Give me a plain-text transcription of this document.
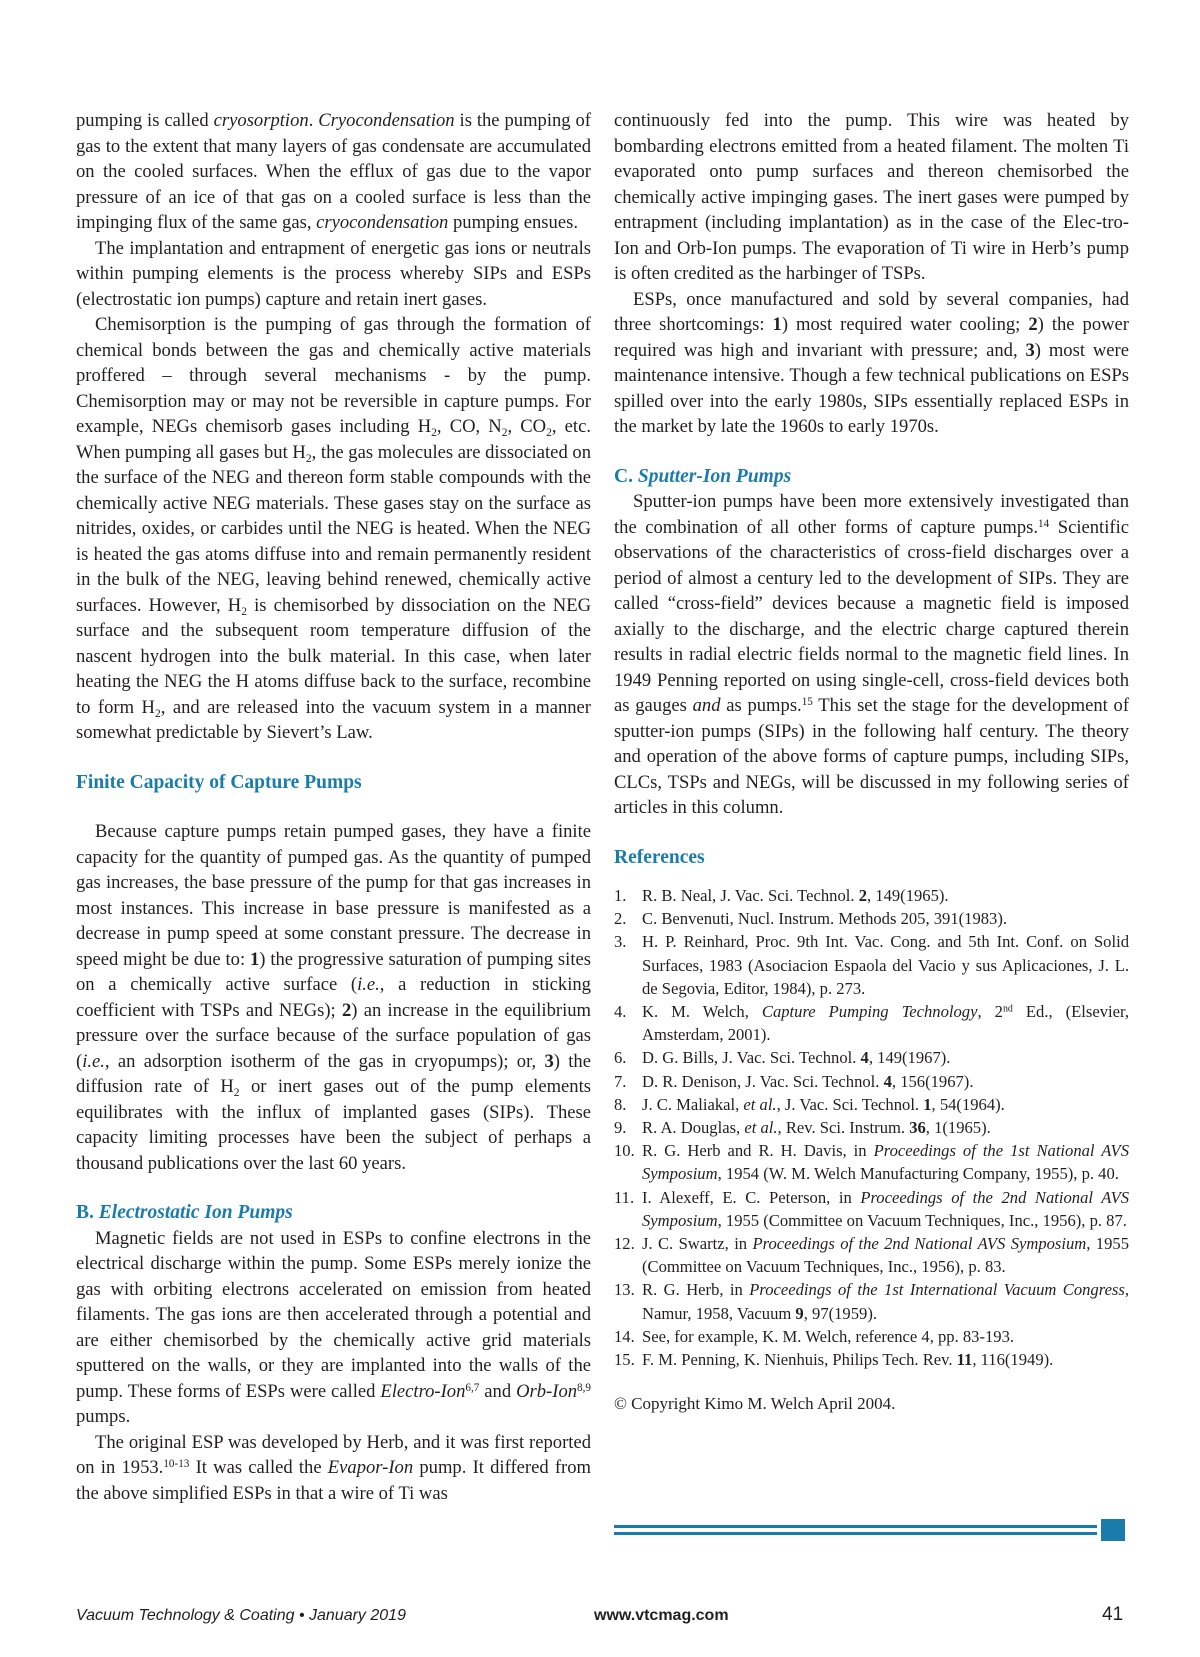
pumping is called cryosorption. Cryocondensation is the pumping of gas to the extent that many layers of gas condensate are accumulated on the cooled surfaces. When the efflux of gas due to the vapor pressure of an ice of that gas on a cooled surface is less than the impinging flux of the same gas, cryocondensation pumping ensues.

The implantation and entrapment of energetic gas ions or neutrals within pumping elements is the process whereby SIPs and ESPs (electrostatic ion pumps) capture and retain inert gases.

Chemisorption is the pumping of gas through the formation of chemical bonds between the gas and chemically active materials proffered – through several mechanisms - by the pump. Chemisorption may or may not be reversible in capture pumps. For example, NEGs chemisorb gases including $H_2$, CO, $N_2$, $CO_2$, etc. When pumping all gases but $H_2$, the gas molecules are dissociated on the surface of the NEG and thereon form stable compounds with the chemically active NEG materials. These gases stay on the surface as nitrides, oxides, or carbides until the NEG is heated. When the NEG is heated the gas atoms diffuse into and remain permanently resident in the bulk of the NEG, leaving behind renewed, chemically active surfaces. However, $H_2$ is chemisorbed by dissociation on the NEG surface and the subsequent room temperature diffusion of the nascent hydrogen into the bulk material. In this case, when later heating the NEG the H atoms diffuse back to the surface, recombine to form $H_2$, and are released into the vacuum system in a manner somewhat predictable by Sievert’s Law.

Finite Capacity of Capture Pumps

Because capture pumps retain pumped gases, they have a finite capacity for the quantity of pumped gas. As the quantity of pumped gas increases, the base pressure of the pump for that gas increases in most instances. This increase in base pressure is manifested as a decrease in pump speed at some constant pressure. The decrease in speed might be due to: 1) the progressive saturation of pumping sites on a chemically active surface (i.e., a reduction in sticking coefficient with TSPs and NEGs); 2) an increase in the equilibrium pressure over the surface because of the surface population of gas (i.e., an adsorption isotherm of the gas in cryopumps); or, 3) the diffusion rate of $H_2$ or inert gases out of the pump elements equilibrates with the influx of implanted gases (SIPs). These capacity limiting processes have been the subject of perhaps a thousand publications over the last 60 years.

B. Electrostatic Ion Pumps

Magnetic fields are not used in ESPs to confine electrons in the electrical discharge within the pump. Some ESPs merely ionize the gas with orbiting electrons accelerated on emission from heated filaments. The gas ions are then accelerated through a potential and are either chemisorbed by the chemically active grid materials sputtered on the walls, or they are implanted into the walls of the pump. These forms of ESPs were called Electro-Ion$^{6,7}$ and Orb-Ion$^{8,9}$ pumps.

The original ESP was developed by Herb, and it was first reported on in 1953.$^{10-13}$ It was called the Evapor-Ion pump. It differed from the above simplified ESPs in that a wire of Ti was

continuously fed into the pump. This wire was heated by bombarding electrons emitted from a heated filament. The molten Ti evaporated onto pump surfaces and thereon chemisorbed the chemically active impinging gases. The inert gases were pumped by entrapment (including implantation) as in the case of the Elec-tro-Ion and Orb-Ion pumps. The evaporation of Ti wire in Herb’s pump is often credited as the harbinger of TSPs.

ESPs, once manufactured and sold by several companies, had three shortcomings: 1) most required water cooling; 2) the power required was high and invariant with pressure; and, 3) most were maintenance intensive. Though a few technical publications on ESPs spilled over into the early 1980s, SIPs essentially replaced ESPs in the market by late the 1960s to early 1970s.

C. Sputter-Ion Pumps

Sputter-ion pumps have been more extensively investigated than the combination of all other forms of capture pumps.$^{14}$ Scientific observations of the characteristics of cross-field discharges over a period of almost a century led to the development of SIPs. They are called “cross-field” devices because a magnetic field is imposed axially to the discharge, and the electric charge captured therein results in radial electric fields normal to the magnetic field lines. In 1949 Penning reported on using single-cell, cross-field devices both as gauges and as pumps.$^{15}$ This set the stage for the development of sputter-ion pumps (SIPs) in the following half century. The theory and operation of the above forms of capture pumps, including SIPs, CLCs, TSPs and NEGs, will be discussed in my following series of articles in this column.

References
1. R. B. Neal, J. Vac. Sci. Technol. 2, 149(1965).
2. C. Benvenuti, Nucl. Instrum. Methods 205, 391(1983).
3. H. P. Reinhard, Proc. 9th Int. Vac. Cong. and 5th Int. Conf. on Solid Surfaces, 1983 (Asociacion Espaola del Vacio y sus Aplicaciones, J. L. de Segovia, Editor, 1984), p. 273.
4. K. M. Welch, Capture Pumping Technology, 2nd Ed., (Elsevier, Amsterdam, 2001).
6. D. G. Bills, J. Vac. Sci. Technol. 4, 149(1967).
7. D. R. Denison, J. Vac. Sci. Technol. 4, 156(1967).
8. J. C. Maliakal, et al., J. Vac. Sci. Technol. 1, 54(1964).
9. R. A. Douglas, et al., Rev. Sci. Instrum. 36, 1(1965).
10. R. G. Herb and R. H. Davis, in Proceedings of the 1st National AVS Symposium, 1954 (W. M. Welch Manufacturing Company, 1955), p. 40.
11. I. Alexeff, E. C. Peterson, in Proceedings of the 2nd National AVS Symposium, 1955 (Committee on Vacuum Techniques, Inc., 1956), p. 87.
12. J. C. Swartz, in Proceedings of the 2nd National AVS Symposium, 1955 (Committee on Vacuum Techniques, Inc., 1956), p. 83.
13. R. G. Herb, in Proceedings of the 1st International Vacuum Congress, Namur, 1958, Vacuum 9, 97(1959).
14. See, for example, K. M. Welch, reference 4, pp. 83-193.
15. F. M. Penning, K. Nienhuis, Philips Tech. Rev. 11, 116(1949).
© Copyright Kimo M. Welch April 2004.
Vacuum Technology & Coating • January 2019	www.vtcmag.com	41
